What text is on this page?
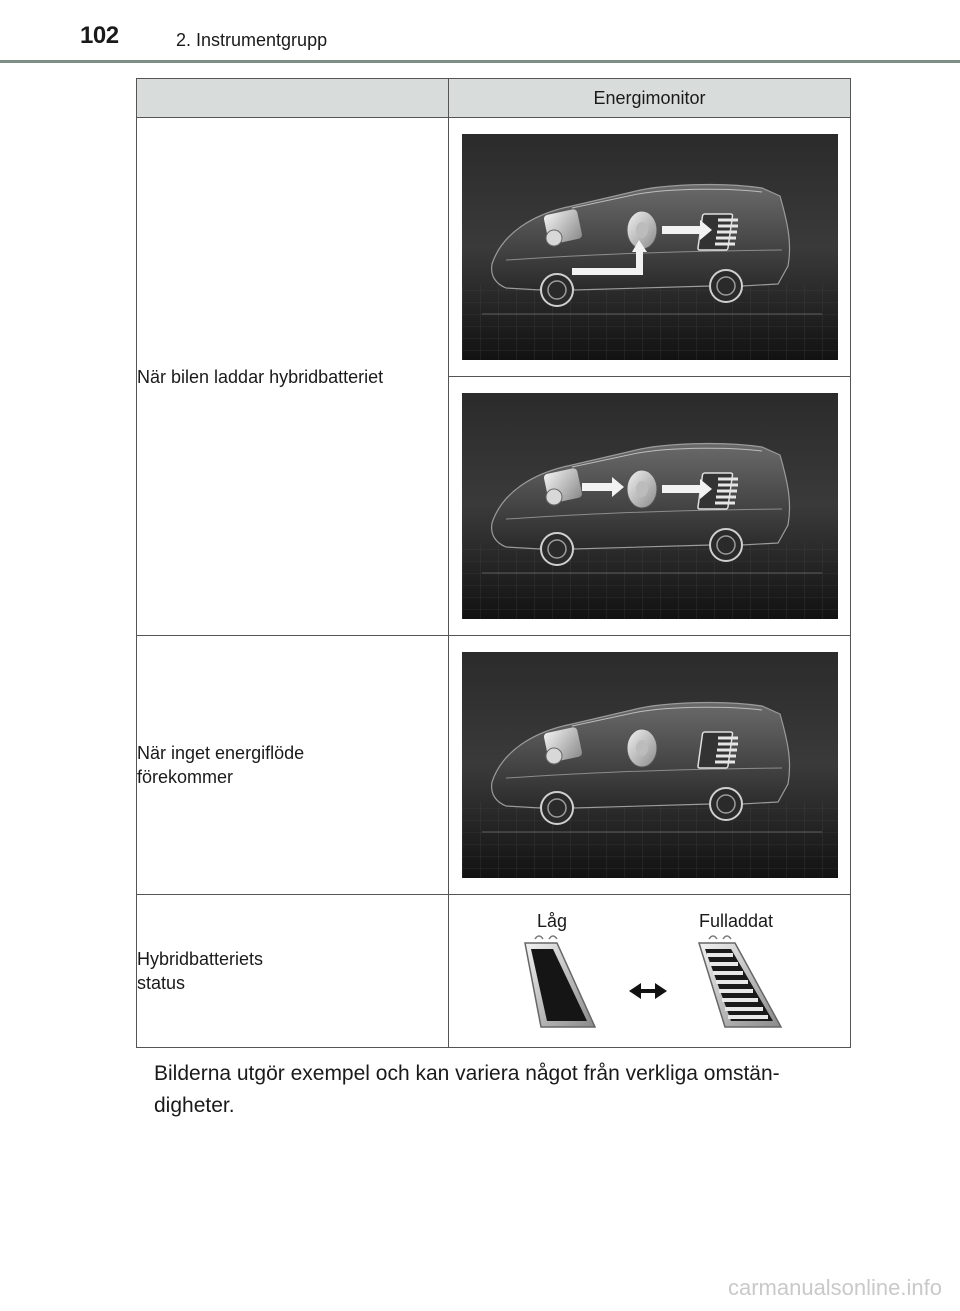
102	2. Instrumentgrupp
	Energimonitor
När bilen laddar hybridbatteriet	

När inget energiflöde
förekommer	

Hybridbatteriets
status	Låg Fulladdat
Bilderna utgör exempel och kan variera något från verkliga omstän-digheter.
carmanualsonline.info
